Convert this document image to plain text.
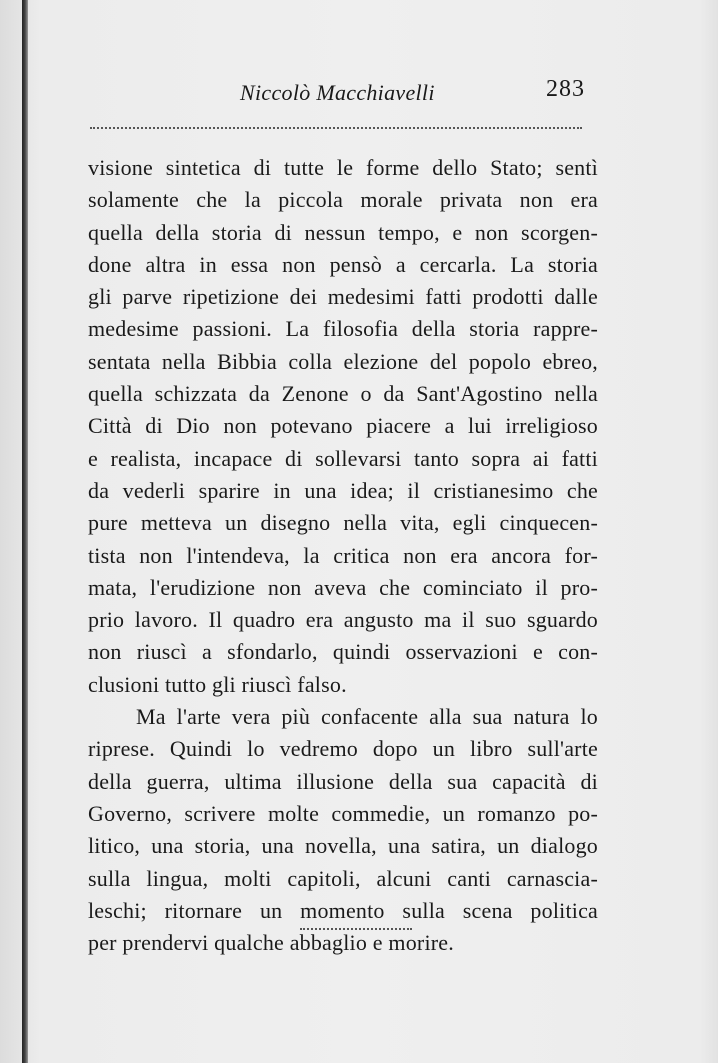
Niccolò Macchiavelli	283
visione sintetica di tutte le forme dello Stato; sentì
solamente che la piccola morale privata non era
quella della storia di nessun tempo, e non scorgen-
done altra in essa non pensò a cercarla. La storia
gli parve ripetizione dei medesimi fatti prodotti dalle
medesime passioni. La filosofia della storia rappre-
sentata nella Bibbia colla elezione del popolo ebreo,
quella schizzata da Zenone o da Sant'Agostino nella
Città di Dio non potevano piacere a lui irreligioso
e realista, incapace di sollevarsi tanto sopra ai fatti
da vederli sparire in una idea; il cristianesimo che
pure metteva un disegno nella vita, egli cinquecen-
tista non l'intendeva, la critica non era ancora for-
mata, l'erudizione non aveva che cominciato il pro-
prio lavoro. Il quadro era angusto ma il suo sguardo
non riuscì a sfondarlo, quindi osservazioni e con-
clusioni tutto gli riuscì falso.
Ma l'arte vera più confacente alla sua natura lo
riprese. Quindi lo vedremo dopo un libro sull'arte
della guerra, ultima illusione della sua capacità di
Governo, scrivere molte commedie, un romanzo po-
litico, una storia, una novella, una satira, un dialogo
sulla lingua, molti capitoli, alcuni canti carnascia-
leschi; ritornare un momento sulla scena politica
per prendervi qualche abbaglio e morire.
